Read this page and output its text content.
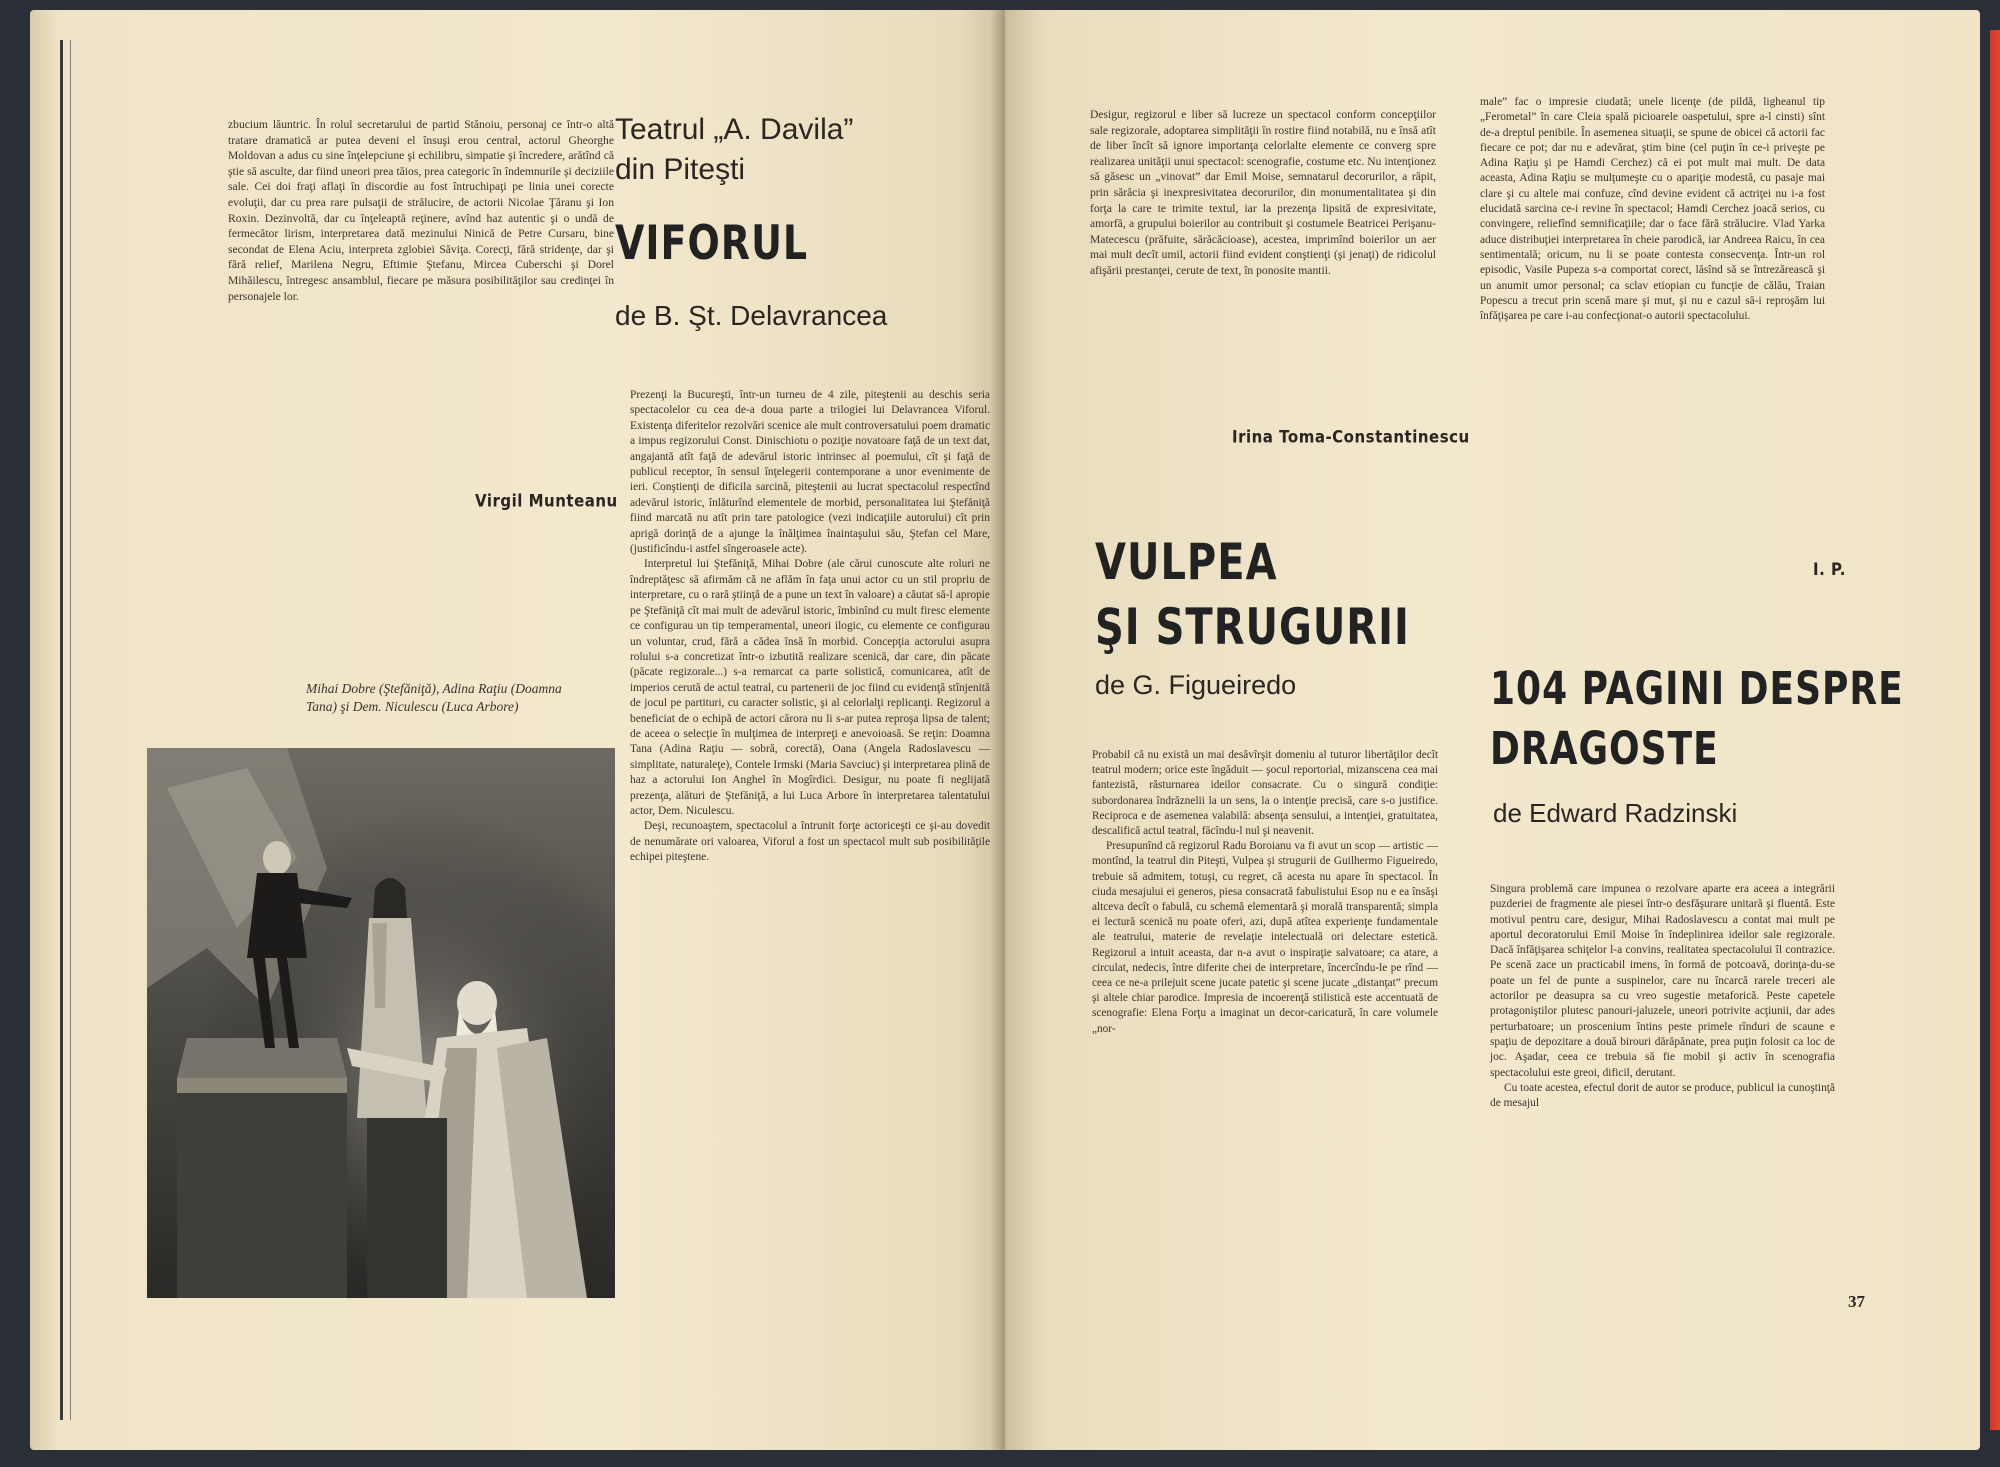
zbucium lăuntric. În rolul secretarului de partid Stănoiu, personaj ce într-o altă tratare dramatică ar putea deveni el însuşi erou central, actorul Gheorghe Moldovan a adus cu sine înţelepciune şi echilibru, simpatie şi încredere, arătînd că ştie să asculte, dar fiind uneori prea tăios, prea categoric în îndemnurile şi deciziile sale. Cei doi fraţi aflaţi în discordie au fost întruchipaţi pe linia unei corecte evoluţii, dar cu prea rare pulsaţii de strălucire, de actorii Nicolae Ţăranu şi Ion Roxin. Dezinvoltă, dar cu înţeleaptă reţinere, avînd haz autentic şi o undă de fermecător lirism, interpretarea dată mezinului Ninică de Petre Cursaru, bine secondat de Elena Aciu, interpreta zglobiei Săviţa. Corecţi, fără stridenţe, dar şi fără relief, Marilena Negru, Eftimie Ştefanu, Mircea Cuberschi şi Dorel Mihăilescu, întregesc ansamblul, fiecare pe măsura posibilităţilor sau credinţei în personajele lor.

Virgil Munteanu
Mihai Dobre (Ştefăniţă), Adina Raţiu (Doamna Tana) şi Dem. Niculescu (Luca Arbore)
Teatrul „A. Davila”
din Piteşti
VIFORUL
de B. Şt. Delavrancea

Prezenţi la Bucureşti, într-un turneu de 4 zile, piteştenii au deschis seria spectacolelor cu cea de-a doua parte a trilogiei lui Delavrancea Viforul. Existenţa diferitelor rezolvări scenice ale mult controversatului poem dramatic a impus regizorului Const. Dinischiotu o poziţie novatoare faţă de un text dat, angajantă atît faţă de adevărul istoric intrinsec al poemului, cît şi faţă de publicul receptor, în sensul înţelegerii contemporane a unor evenimente de ieri. Conştienţi de dificila sarcină, piteştenii au lucrat spectacolul respectînd adevărul istoric, înlăturînd elementele de morbid, personalitatea lui Ştefăniţă fiind marcată nu atît prin tare patologice (vezi indicaţiile autorului) cît prin aprigă dorinţă de a ajunge la înălţimea înaintaşului său, Ştefan cel Mare, (justificîndu-i astfel sîngeroasele acte).

Interpretul lui Ştefăniţă, Mihai Dobre (ale cărui cunoscute alte roluri ne îndreptăţesc să afirmăm că ne aflăm în faţa unui actor cu un stil propriu de interpretare, cu o rară ştiinţă de a pune un text în valoare) a căutat să-l apropie pe Ştefăniţă cît mai mult de adevărul istoric, îmbinînd cu mult firesc elemente ce configurau un tip temperamental, uneori ilogic, cu elemente ce configurau un voluntar, crud, fără a cădea însă în morbid. Concepţia actorului asupra rolului s-a concretizat într-o izbutită realizare scenică, dar care, din păcate (păcate regizorale...) s-a remarcat ca parte solistică, comunicarea, atît de imperios cerută de actul teatral, cu partenerii de joc fiind cu evidenţă stînjenită de jocul pe partituri, cu caracter solistic, şi al celorlalţi replicanţi. Regizorul a beneficiat de o echipă de actori cărora nu li s-ar putea reproşa lipsa de talent; de aceea o selecţie în mulţimea de interpreţi e anevoioasă. Se reţin: Doamna Tana (Adina Raţiu — sobră, corectă), Oana (Angela Radoslavescu — simplitate, naturaleţe), Contele Irmski (Maria Savciuc) şi interpretarea plină de haz a actorului Ion Anghel în Mogîrdici. Desigur, nu poate fi neglijată prezenţa, alături de Ştefăniţă, a lui Luca Arbore în interpretarea talentatului actor, Dem. Niculescu.

Deşi, recunoaştem, spectacolul a întrunit forţe actoriceşti ce şi-au dovedit de nenumărate ori valoarea, Viforul a fost un spectacol mult sub posibilităţile echipei piteştene.

Desigur, regizorul e liber să lucreze un spectacol conform concepţiilor sale regizorale, adoptarea simplităţii în rostire fiind notabilă, nu e însă atît de liber încît să ignore importanţa celorlalte elemente ce converg spre realizarea unităţii unui spectacol: scenografie, costume etc. Nu intenţionez să găsesc un „vinovat” dar Emil Moise, semnatarul decorurilor, a răpit, prin sărăcia şi inexpresivitatea decorurilor, din monumentalitatea şi din forţa la care te trimite textul, iar la prezenţa lipsită de expresivitate, amorfă, a grupului boierilor au contribuit şi costumele Beatricei Perişanu-Matecescu (prăfuite, sărăcăcioase), acestea, imprimînd boierilor un aer mai mult decît umil, actorii fiind evident conştienţi (şi jenaţi) de ridicolul afişării prestanţei, cerute de text, în ponosite mantii.

Irina Toma-Constantinescu
VULPEA
ŞI STRUGURII
de G. Figueiredo

Probabil că nu există un mai desăvîrşit domeniu al tuturor libertăţilor decît teatrul modern; orice este îngăduit — şocul reportorial, mizanscena cea mai fantezistă, răsturnarea ideilor consacrate. Cu o singură condiţie: subordonarea îndrăznelii la un sens, la o intenţie precisă, care s-o justifice. Reciproca e de asemenea valabilă: absenţa sensului, a intenţiei, gratuitatea, descalifică actul teatral, făcîndu-l nul şi neavenit.

Presupunînd că regizorul Radu Boroianu va fi avut un scop — artistic — montînd, la teatrul din Piteşti, Vulpea şi strugurii de Guilhermo Figueiredo, trebuie să admitem, totuşi, cu regret, că acesta nu apare în spectacol. În ciuda mesajului ei generos, piesa consacrată fabulistului Esop nu e ea însăşi altceva decît o fabulă, cu schemă elementară şi morală transparentă; simpla ei lectură scenică nu poate oferi, azi, după atîtea experienţe fundamentale ale teatrului, materie de revelaţie intelectuală ori delectare estetică. Regizorul a intuit aceasta, dar n-a avut o inspiraţie salvatoare; ca atare, a circulat, nedecis, între diferite chei de interpretare, încercîndu-le pe rînd — ceea ce ne-a prilejuit scene jucate patetic şi scene jucate „distanţat” precum şi altele chiar parodice. Impresia de incoerenţă stilistică este accentuată de scenografie: Elena Forţu a imaginat un decor-caricatură, în care volumele „nor-

male” fac o impresie ciudată; unele licenţe (de pildă, ligheanul tip „Ferometal” în care Cleia spală picioarele oaspetului, spre a-l cinsti) sînt de-a dreptul penibile. În asemenea situaţii, se spune de obicei că actorii fac fiecare ce pot; dar nu e adevărat, ştim bine (cel puţin în ce-i priveşte pe Adina Raţiu şi pe Hamdi Cerchez) că ei pot mult mai mult. De data aceasta, Adina Raţiu se mulţumeşte cu o apariţie modestă, cu pasaje mai clare şi cu altele mai confuze, cînd devine evident că actriţei nu i-a fost elucidată sarcina ce-i revine în spectacol; Hamdi Cerchez joacă serios, cu convingere, reliefînd semnificaţiile; dar o face fără strălucire. Vlad Yarka aduce distribuţiei interpretarea în cheie parodică, iar Andreea Raicu, în cea sentimentală; oricum, nu li se poate contesta consecvenţa. Într-un rol episodic, Vasile Pupeza s-a comportat corect, lăsînd să se întrezărească şi un anumit umor personal; ca sclav etiopian cu funcţie de călău, Traian Popescu a trecut prin scenă mare şi mut, şi nu e cazul să-i reproşăm lui înfăţişarea pe care i-au confecţionat-o autorii spectacolului.

I. P.
104 PAGINI DESPRE
DRAGOSTE
de Edward Radzinski

Singura problemă care impunea o rezolvare aparte era aceea a integrării puzderiei de fragmente ale piesei într-o desfăşurare unitară şi fluentă. Este motivul pentru care, desigur, Mihai Radoslavescu a contat mai mult pe aportul decoratorului Emil Moise în îndeplinirea ideilor sale regizorale. Dacă înfăţişarea schiţelor l-a convins, realitatea spectacolului îl contrazice. Pe scenă zace un practicabil imens, în formă de potcoavă, dorinţa-du-se poate un fel de punte a suspinelor, care nu încarcă rarele treceri ale actorilor pe deasupra sa cu vreo sugestie metaforică. Peste capetele protagoniştilor plutesc panouri-jaluzele, uneori potrivite acţiunii, dar ades perturbatoare; un proscenium întins peste primele rînduri de scaune e spaţiu de depozitare a două birouri dărăpănate, prea puţin folosit ca loc de joc. Aşadar, ceea ce trebuia să fie mobil şi activ în scenografia spectacolului este greoi, dificil, derutant.

Cu toate acestea, efectul dorit de autor se produce, publicul ia cunoştinţă de mesajul

37
